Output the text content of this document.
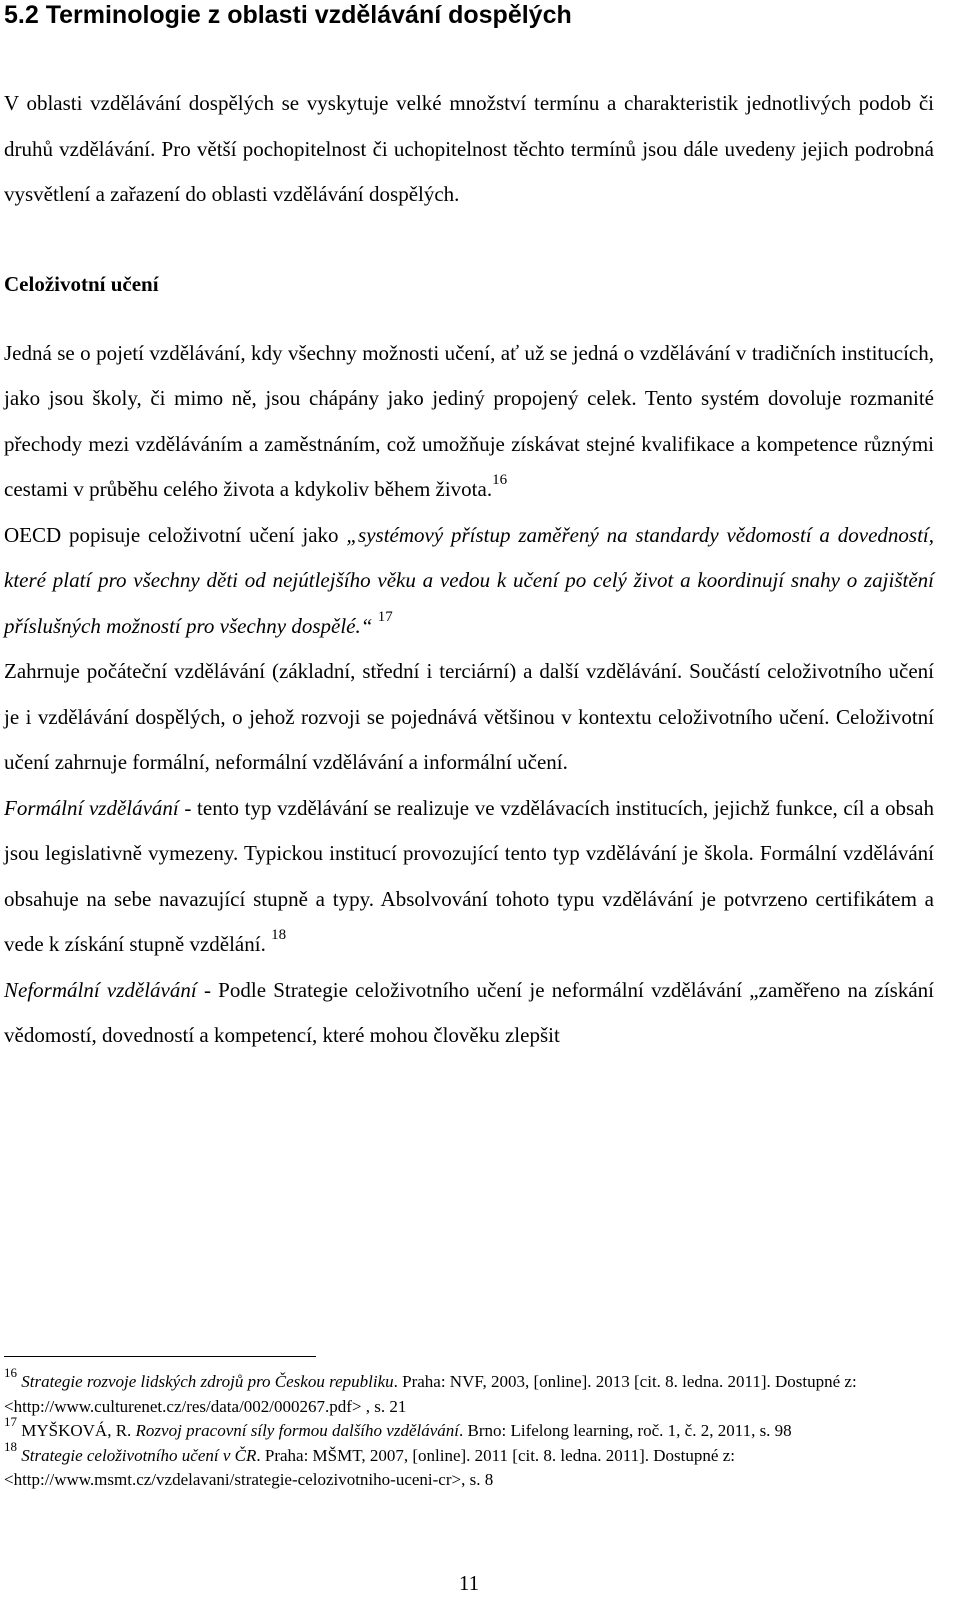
5.2 Terminologie z oblasti vzdělávání dospělých

V oblasti vzdělávání dospělých se vyskytuje velké množství termínu a charakteristik jednotlivých podob či druhů vzdělávání. Pro větší pochopitelnost či uchopitelnost těchto termínů jsou dále uvedeny jejich podrobná vysvětlení a zařazení do oblasti vzdělávání dospělých.

Celoživotní učení

Jedná se o pojetí vzdělávání, kdy všechny možnosti učení, ať už se jedná o vzdělávání v tradičních institucích, jako jsou školy, či mimo ně, jsou chápány jako jediný propojený celek. Tento systém dovoluje rozmanité přechody mezi vzděláváním a zaměstnáním, což umožňuje získávat stejné kvalifikace a kompetence různými cestami v průběhu celého života a kdykoliv během života.$^{16}$

OECD popisuje celoživotní učení jako „systémový přístup zaměřený na standardy vědomostí a dovedností, které platí pro všechny děti od nejútlejšího věku a vedou k učení po celý život a koordinují snahy o zajištění příslušných možností pro všechny dospělé.“ $^{17}$

Zahrnuje počáteční vzdělávání (základní, střední i terciární) a další vzdělávání. Součástí celoživotního učení je i vzdělávání dospělých, o jehož rozvoji se pojednává většinou v kontextu celoživotního učení. Celoživotní učení zahrnuje formální, neformální vzdělávání a informální učení.

Formální vzdělávání - tento typ vzdělávání se realizuje ve vzdělávacích institucích, jejichž funkce, cíl a obsah jsou legislativně vymezeny. Typickou institucí provozující tento typ vzdělávání je škola. Formální vzdělávání obsahuje na sebe navazující stupně a typy. Absolvování tohoto typu vzdělávání je potvrzeno certifikátem a vede k získání stupně vzdělání. $^{18}$

Neformální vzdělávání - Podle Strategie celoživotního učení je neformální vzdělávání „zaměřeno na získání vědomostí, dovedností a kompetencí, které mohou člověku zlepšit

$^{16}$ Strategie rozvoje lidských zdrojů pro Českou republiku. Praha: NVF, 2003, [online]. 2013 [cit. 8. ledna. 2011]. Dostupné z: <http://www.culturenet.cz/res/data/002/000267.pdf> , s. 21

$^{17}$ MYŠKOVÁ, R. Rozvoj pracovní síly formou dalšího vzdělávání. Brno: Lifelong learning, roč. 1, č. 2, 2011, s. 98

$^{18}$ Strategie celoživotního učení v ČR. Praha: MŠMT, 2007, [online]. 2011 [cit. 8. ledna. 2011]. Dostupné z: <http://www.msmt.cz/vzdelavani/strategie-celozivotniho-uceni-cr>, s. 8

11
